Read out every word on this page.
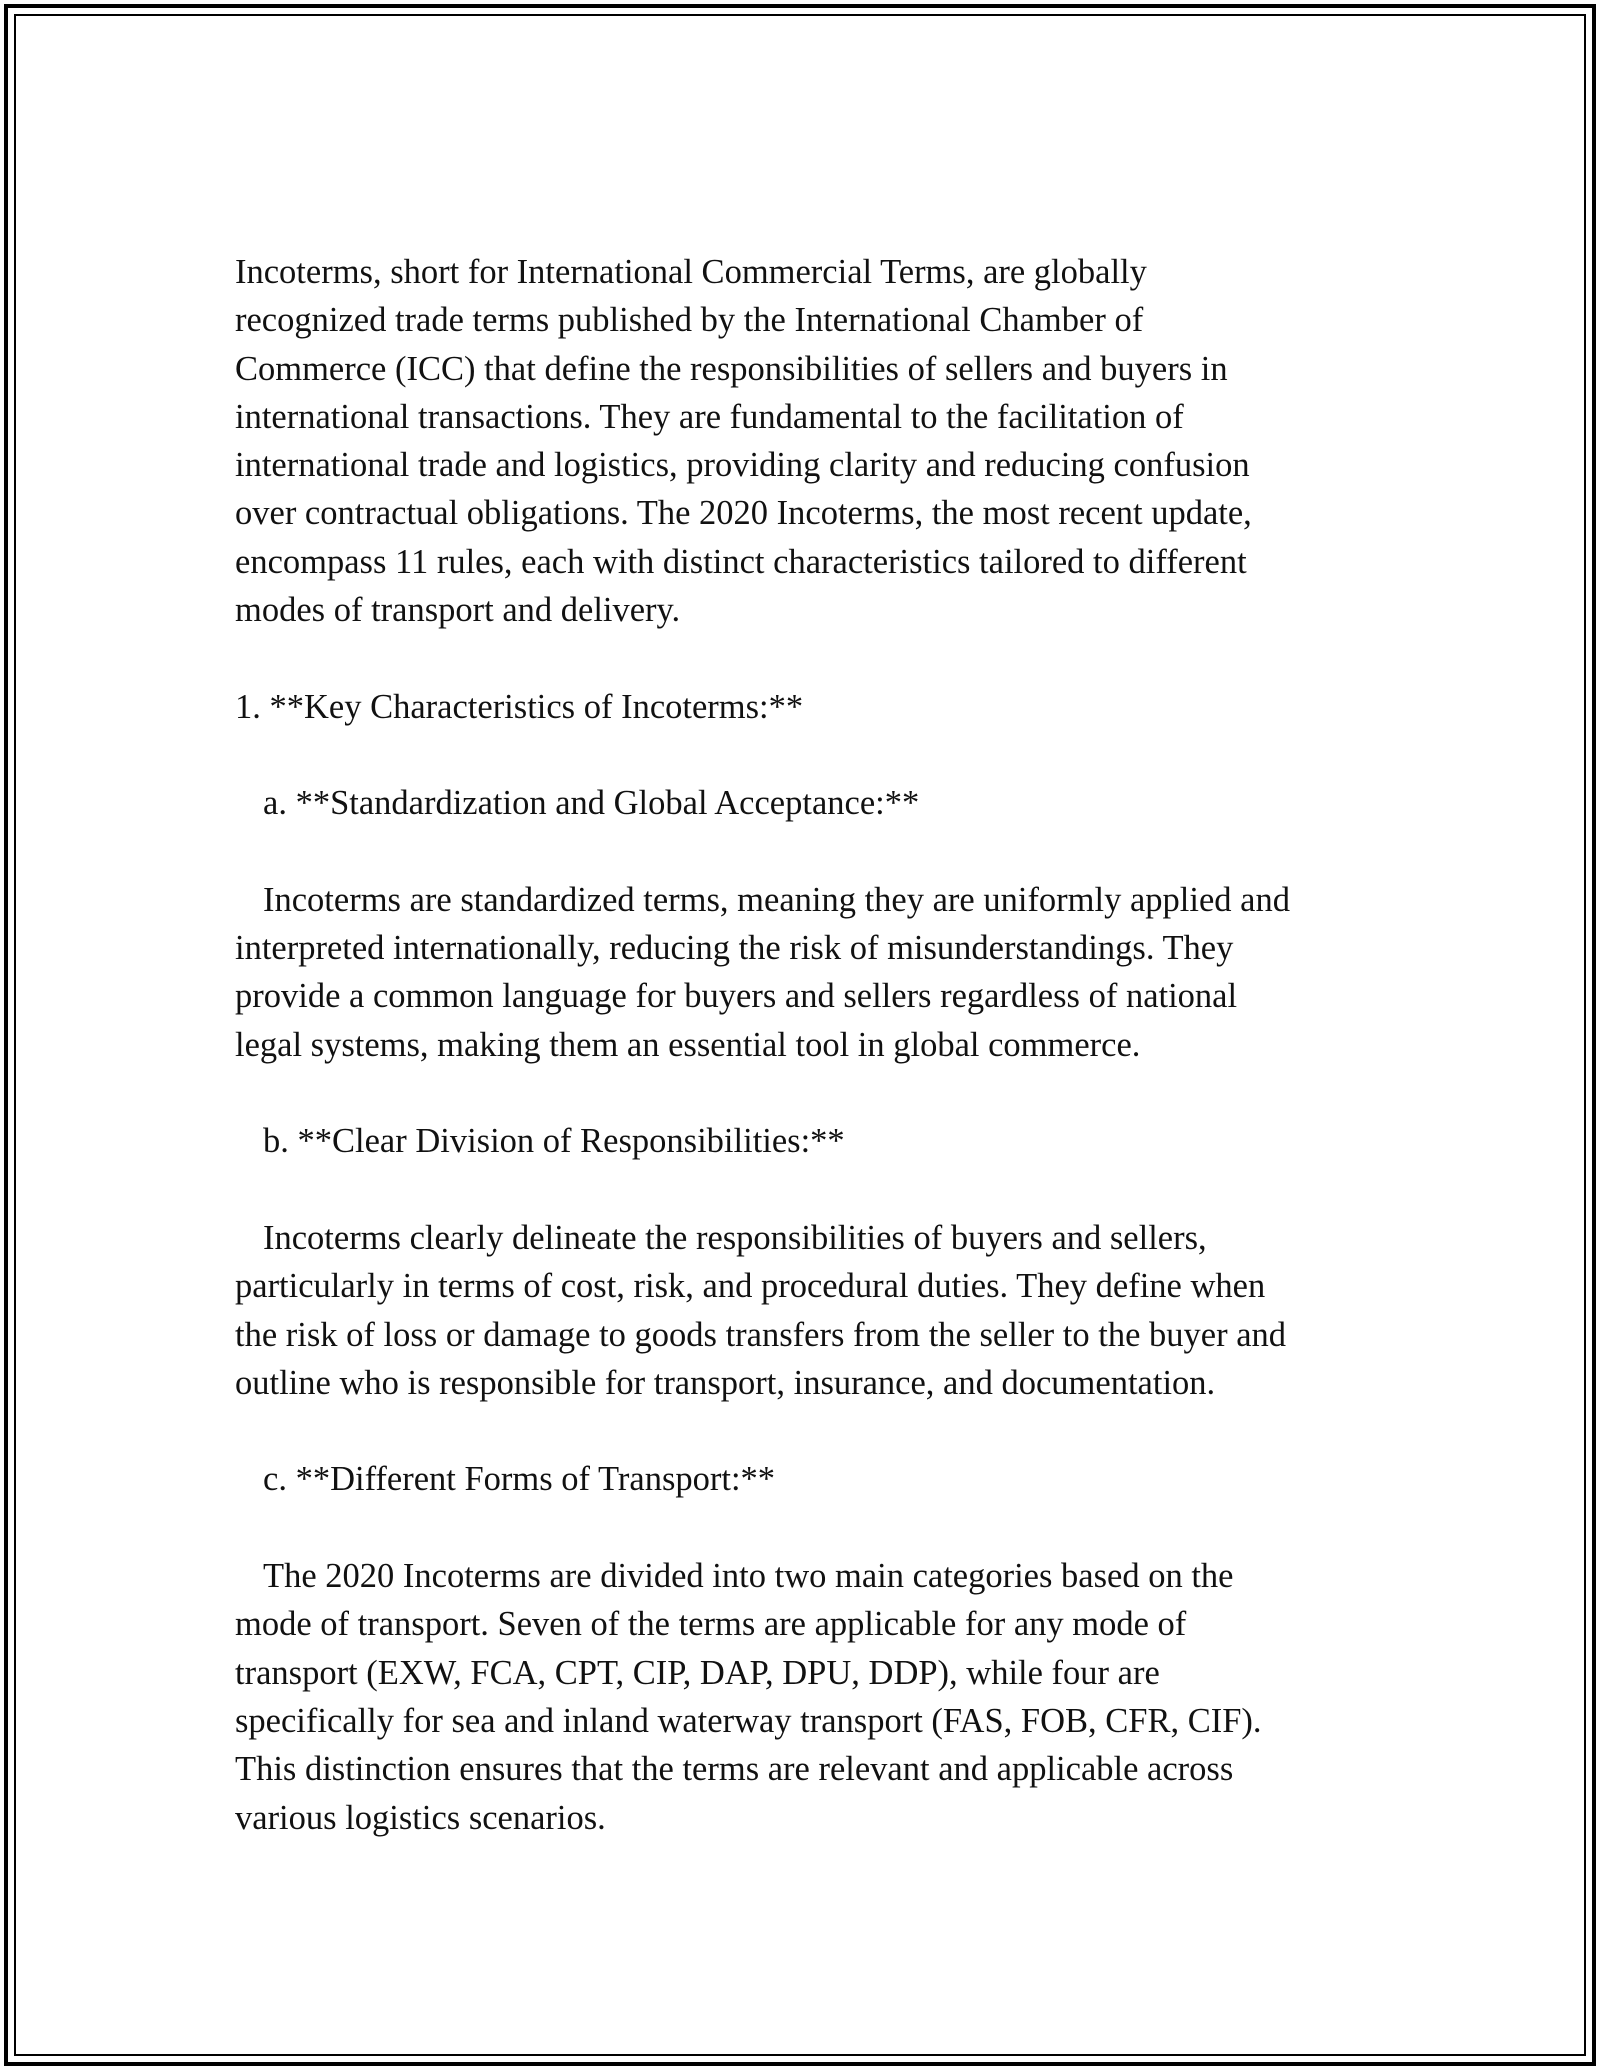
Incoterms, short for International Commercial Terms, are globally
recognized trade terms published by the International Chamber of
Commerce (ICC) that define the responsibilities of sellers and buyers in
international transactions. They are fundamental to the facilitation of
international trade and logistics, providing clarity and reducing confusion
over contractual obligations. The 2020 Incoterms, the most recent update,
encompass 11 rules, each with distinct characteristics tailored to different
modes of transport and delivery.
1. **Key Characteristics of Incoterms:**
a. **Standardization and Global Acceptance:**
Incoterms are standardized terms, meaning they are uniformly applied and
interpreted internationally, reducing the risk of misunderstandings. They
provide a common language for buyers and sellers regardless of national
legal systems, making them an essential tool in global commerce.
b. **Clear Division of Responsibilities:**
Incoterms clearly delineate the responsibilities of buyers and sellers,
particularly in terms of cost, risk, and procedural duties. They define when
the risk of loss or damage to goods transfers from the seller to the buyer and
outline who is responsible for transport, insurance, and documentation.
c. **Different Forms of Transport:**
The 2020 Incoterms are divided into two main categories based on the
mode of transport. Seven of the terms are applicable for any mode of
transport (EXW, FCA, CPT, CIP, DAP, DPU, DDP), while four are
specifically for sea and inland waterway transport (FAS, FOB, CFR, CIF).
This distinction ensures that the terms are relevant and applicable across
various logistics scenarios.
